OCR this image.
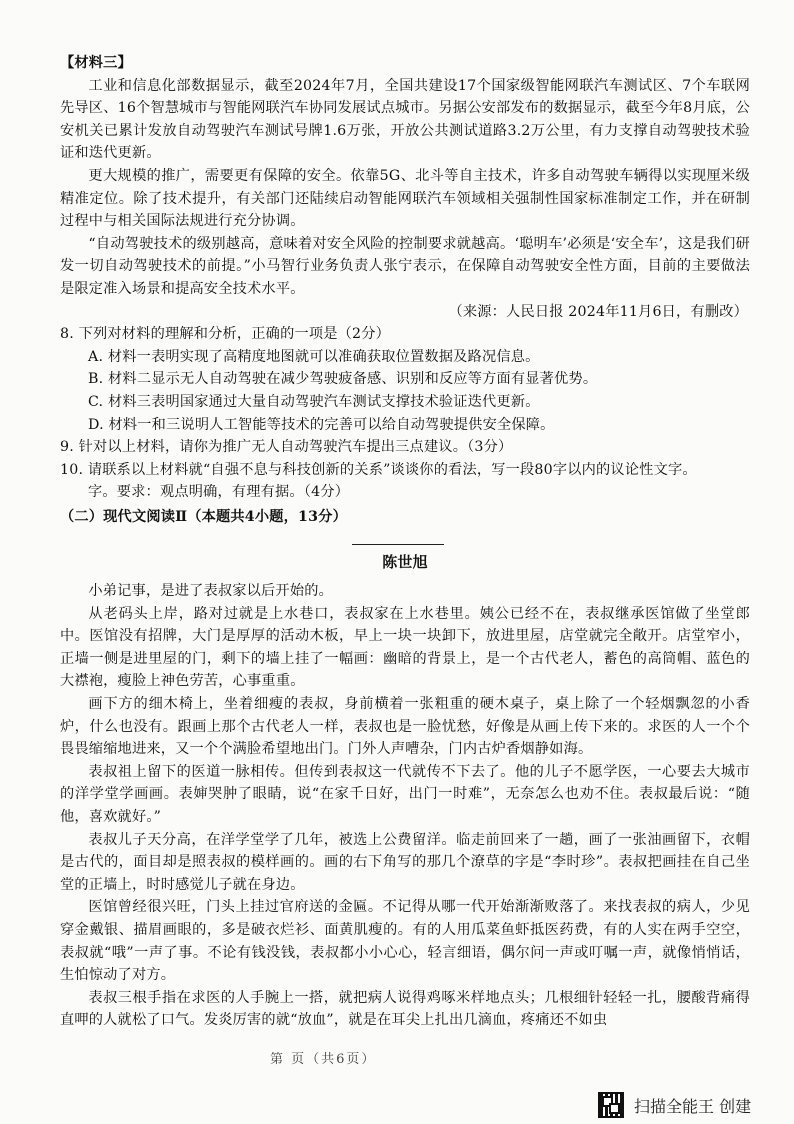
【材料三】

工业和信息化部数据显示，截至2024年7月，全国共建设17个国家级智能网联汽车测试区、7个车联网先导区、16个智慧城市与智能网联汽车协同发展试点城市。另据公安部发布的数据显示，截至今年8月底，公安机关已累计发放自动驾驶汽车测试号牌1.6万张，开放公共测试道路3.2万公里，有力支撑自动驾驶技术验证和迭代更新。

更大规模的推广，需要更有保障的安全。依靠5G、北斗等自主技术，许多自动驾驶车辆得以实现厘米级精准定位。除了技术提升，有关部门还陆续启动智能网联汽车领域相关强制性国家标准制定工作，并在研制过程中与相关国际法规进行充分协调。

“自动驾驶技术的级别越高，意味着对安全风险的控制要求就越高。‘聪明车’必须是‘安全车’，这是我们研发一切自动驾驶技术的前提。”小马智行业务负责人张宁表示，在保障自动驾驶安全性方面，目前的主要做法是限定准入场景和提高安全技术水平。

（来源：人民日报 2024年11月6日，有删改）

8. 下列对材料的理解和分析，正确的一项是（2分）

A. 材料一表明实现了高精度地图就可以准确获取位置数据及路况信息。

B. 材料二显示无人自动驾驶在减少驾驶疲备感、识别和反应等方面有显著优势。

C. 材料三表明国家通过大量自动驾驶汽车测试支撑技术验证迭代更新。

D. 材料一和三说明人工智能等技术的完善可以给自动驾驶提供安全保障。

9. 针对以上材料，请你为推广无人自动驾驶汽车提出三点建议。（3分）

10. 请联系以上材料就“自强不息与科技创新的关系”谈谈你的看法，写一段80字以内的议论性文字。

字。要求：观点明确，有理有据。（4分）

（二）现代文阅读Ⅱ（本题共4小题，13分）

陈世旭

小弟记事，是进了表叔家以后开始的。

从老码头上岸，路对过就是上水巷口，表叔家在上水巷里。姨公已经不在，表叔继承医馆做了坐堂郎中。医馆没有招牌，大门是厚厚的活动木板，早上一块一块卸下，放进里屋，店堂就完全敞开。店堂窄小，正墙一侧是进里屋的门，剩下的墙上挂了一幅画：幽暗的背景上，是一个古代老人，蓄色的高筒帽、蓝色的大襟袍，瘦脸上神色劳苦，心事重重。

画下方的细木椅上，坐着细瘦的表叔，身前横着一张粗重的硬木桌子，桌上除了一个轻烟飘忽的小香炉，什么也没有。跟画上那个古代老人一样，表叔也是一脸忧愁，好像是从画上传下来的。求医的人一个个畏畏缩缩地进来，又一个个满脸希望地出门。门外人声嘈杂，门内古炉香烟静如海。

表叔祖上留下的医道一脉相传。但传到表叔这一代就传不下去了。他的儿子不愿学医，一心要去大城市的洋学堂学画画。表婶哭肿了眼睛，说“在家千日好，出门一时难”，无奈怎么也劝不住。表叔最后说：“随他，喜欢就好。”

表叔儿子天分高，在洋学堂学了几年，被选上公费留洋。临走前回来了一趟，画了一张油画留下，衣帽是古代的，面目却是照表叔的模样画的。画的右下角写的那几个潦草的字是“李时珍”。表叔把画挂在自己坐堂的正墙上，时时感觉儿子就在身边。

医馆曾经很兴旺，门头上挂过官府送的金匾。不记得从哪一代开始渐渐败落了。来找表叔的病人，少见穿金戴银、描眉画眼的，多是破衣烂衫、面黄肌瘦的。有的人用瓜菜鱼虾抵医药费，有的人实在两手空空，表叔就“哦”一声了事。不论有钱没钱，表叔都小小心心，轻言细语，偶尔问一声或叮嘱一声，就像悄悄话，生怕惊动了对方。

表叔三根手指在求医的人手腕上一搭，就把病人说得鸡啄米样地点头；几根细针轻轻一扎，腰酸背痛得直呷的人就松了口气。发炎厉害的就“放血”，就是在耳尖上扎出几滴血，疼痛还不如虫

第 页（共6页）
扫描全能王 创建
